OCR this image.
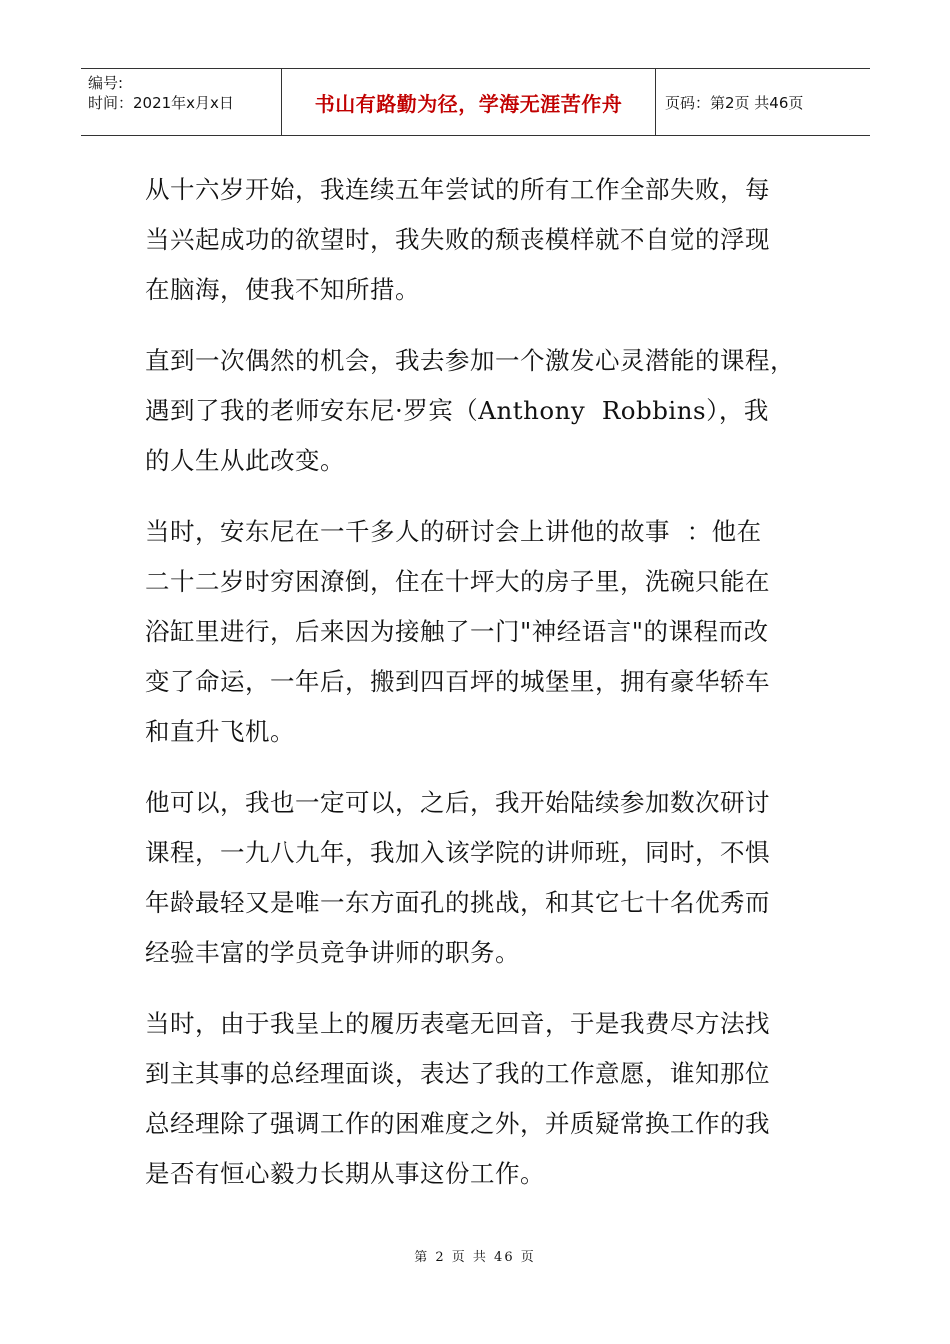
编号:
时间：2021年x月x日	书山有路勤为径，学海无涯苦作舟	页码：第2页 共46页

从十六岁开始，我连续五年尝试的所有工作全部失败，每
当兴起成功的欲望时，我失败的颓丧模样就不自觉的浮现
在脑海，使我不知所措。

直到一次偶然的机会，我去参加一个激发心灵潜能的课程，
遇到了我的老师安东尼·罗宾（Anthony  Robbins），我
的人生从此改变。

当时，安东尼在一千多人的研讨会上讲他的故事  ：他在
二十二岁时穷困潦倒，住在十坪大的房子里，洗碗只能在
浴缸里进行，后来因为接触了一门"神经语言"的课程而改
变了命运，一年后，搬到四百坪的城堡里，拥有豪华轿车
和直升飞机。

他可以，我也一定可以，之后，我开始陆续参加数次研讨
课程，一九八九年，我加入该学院的讲师班，同时，不惧
年龄最轻又是唯一东方面孔的挑战，和其它七十名优秀而
经验丰富的学员竞争讲师的职务。

当时，由于我呈上的履历表毫无回音，于是我费尽方法找
到主其事的总经理面谈，表达了我的工作意愿，谁知那位
总经理除了强调工作的困难度之外，并质疑常换工作的我
是否有恒心毅力长期从事这份工作。

第 2 页 共 46 页
